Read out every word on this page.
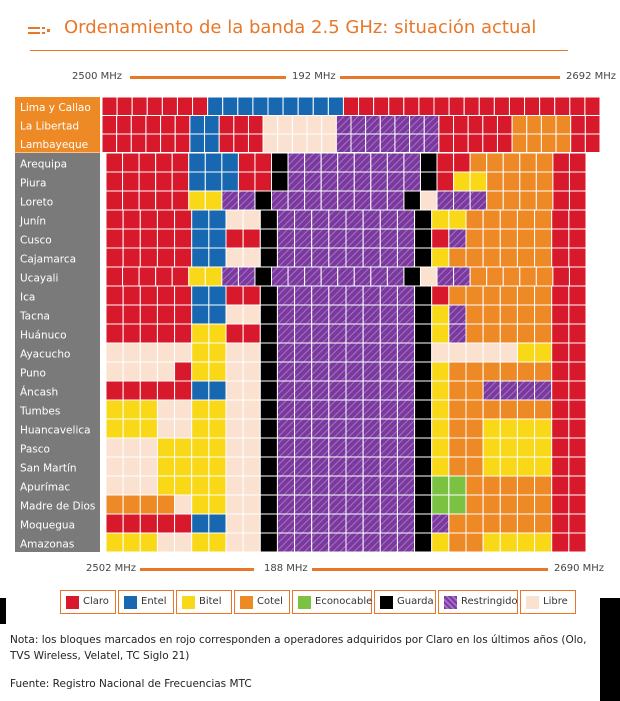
Ordenamiento de la banda 2.5 GHz: situación actual
2500 MHz	192 MHz	2692 MHz
Lima y Callao
La Libertad
Lambayeque
Arequipa
Piura
Loreto
Junín
Cusco
Cajamarca
Ucayali
Ica
Tacna
Huánuco
Ayacucho
Puno
Áncash
Tumbes
Huancavelica
Pasco
San Martín
Apurímac
Madre de Dios
Moquegua
Amazonas
2502 MHz	188 MHz	2690 MHz
Claro	Entel	Bitel	Cotel	Econocable Guarda	Restringido	Libre
Nota: los bloques marcados en rojo corresponden a operadores adquiridos por Claro en los últimos años (Olo, TVS Wireless, Velatel, TC Siglo 21)
Fuente: Registro Nacional de Frecuencias MTC
